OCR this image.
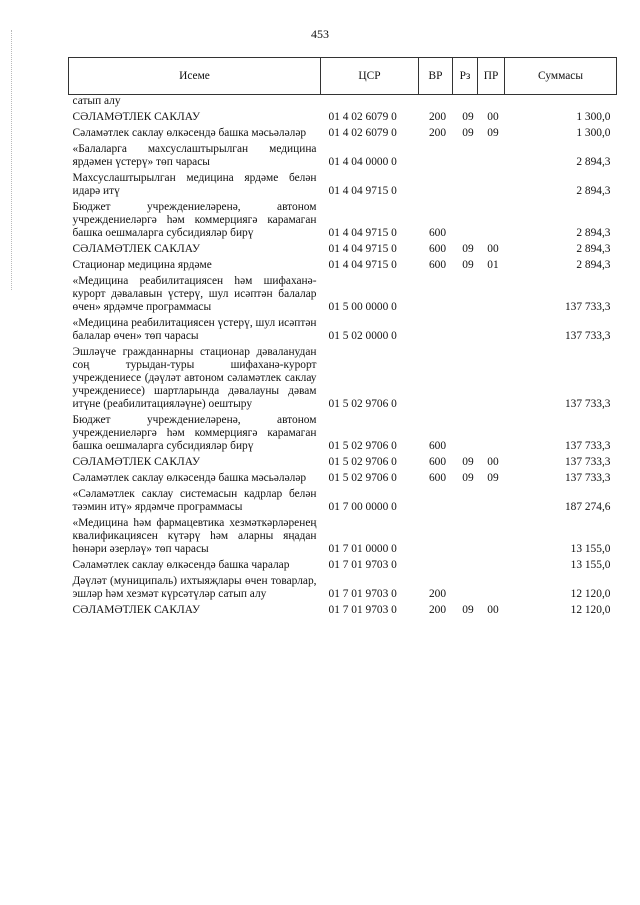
453
Исеме	ЦСР	ВР	Рз	ПР	Суммасы
сатып алу					
СӘЛАМӘТЛЕК САКЛАУ	01 4 02 6079 0	200	09	00	1 300,0
Сәламәтлек саклау өлкәсендә башка мәсьәләләр	01 4 02 6079 0	200	09	09	1 300,0
«Балаларга махсуслаштырылган медицина ярдәмен үстерү» төп чарасы	01 4 04 0000 0				2 894,3
Махсуслаштырылган медицина ярдәме белән идарә итү	01 4 04 9715 0				2 894,3
Бюджет учреждениеләренә, автоном учреждениеләргә һәм коммерциягә карамаган башка оешмаларга субсидияләр бирү	01 4 04 9715 0	600			2 894,3
СӘЛАМӘТЛЕК САКЛАУ	01 4 04 9715 0	600	09	00	2 894,3
Стационар медицина ярдәме	01 4 04 9715 0	600	09	01	2 894,3
«Медицина реабилитациясен һәм шифаханә-курорт дәвалавын үстерү, шул исәптән балалар өчен» ярдәмче программасы	01 5 00 0000 0				137 733,3
«Медицина реабилитациясен үстерү, шул исәптән балалар өчен» төп чарасы	01 5 02 0000 0				137 733,3
Эшләүче гражданнарны стационар дәваланудан соң турыдан-туры шифаханә-курорт учреждениесе (дәүләт автоном сәламәтлек саклау учреждениесе) шартларында дәвалауны дәвам итүне (реабилитацияләүне) оештыру	01 5 02 9706 0				137 733,3
Бюджет учреждениеләренә, автоном учреждениеләргә һәм коммерциягә карамаган башка оешмаларга субсидияләр бирү	01 5 02 9706 0	600			137 733,3
СӘЛАМӘТЛЕК САКЛАУ	01 5 02 9706 0	600	09	00	137 733,3
Сәламәтлек саклау өлкәсендә башка мәсьәләләр	01 5 02 9706 0	600	09	09	137 733,3
«Сәламәтлек саклау системасын кадрлар белән тәэмин итү» ярдәмче программасы	01 7 00 0000 0				187 274,6
«Медицина һәм фармацевтика хезмәткәрләренең квалификациясен күтәрү һәм аларны яңадан һөнәри әзерләү» төп чарасы	01 7 01 0000 0				13 155,0
Сәламәтлек саклау өлкәсендә башка чаралар	01 7 01 9703 0				13 155,0
Дәүләт (муниципаль) ихтыяҗлары өчен товарлар, эшләр һәм хезмәт күрсәтүләр сатып алу	01 7 01 9703 0	200			12 120,0
СӘЛАМӘТЛЕК САКЛАУ	01 7 01 9703 0	200	09	00	12 120,0
